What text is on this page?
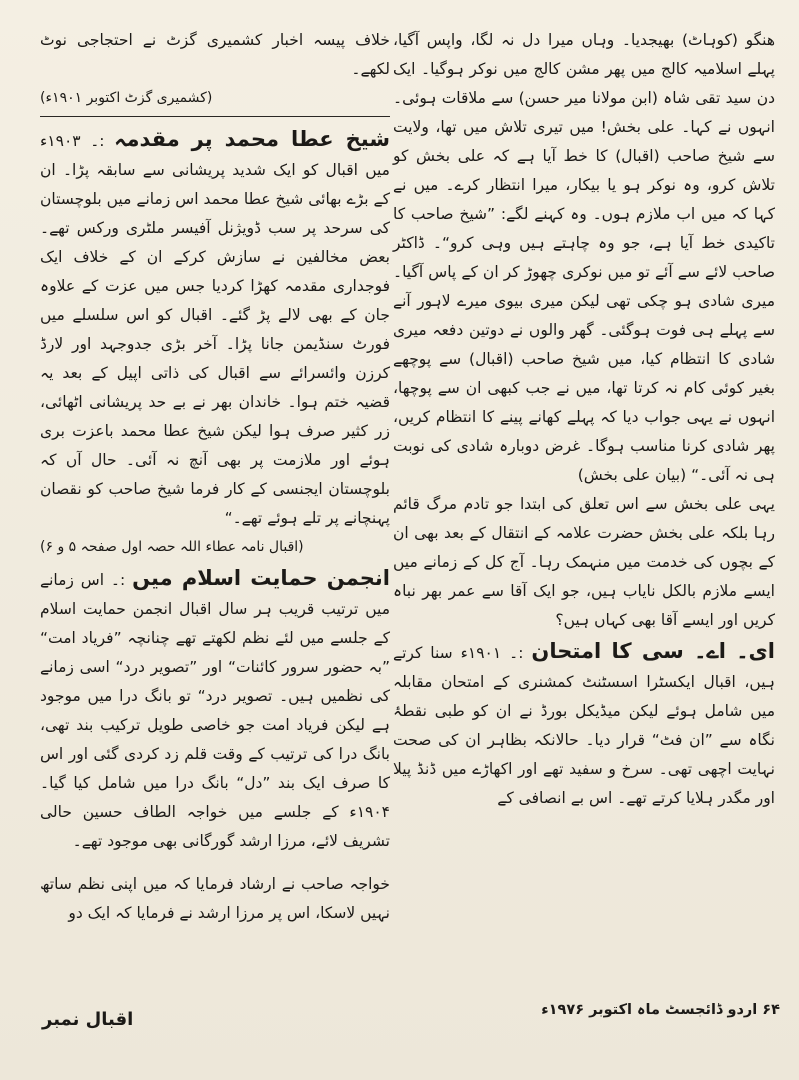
ھنگو (کوہاٹ) بھیجدیا۔ وہاں میرا دل نہ لگا، واپس آگیا، پہلے اسلامیہ کالج میں پھر مشن کالج میں نوکر ہوگیا۔ ایک دن سید تقی شاہ (ابن مولانا میر حسن) سے ملاقات ہوئی۔ انہوں نے کہا۔ علی بخش! میں تیری تلاش میں تھا، ولایت سے شیخ صاحب (اقبال) کا خط آیا ہے کہ علی بخش کو تلاش کرو، وہ نوکر ہو یا بیکار، میرا انتظار کرے۔ میں نے کہا کہ میں اب ملازم ہوں۔ وہ کہنے لگے: ”شیخ صاحب کا تاکیدی خط آیا ہے، جو وہ چاہتے ہیں وہی کرو“۔ ڈاکٹر صاحب لائے سے آئے تو میں نوکری چھوڑ کر ان کے پاس آگیا۔ میری شادی ہو چکی تھی لیکن میری بیوی میرے لاہور آنے سے پہلے ہی فوت ہوگئی۔ گھر والوں نے دوتین دفعہ میری شادی کا انتظام کیا، میں شیخ صاحب (اقبال) سے پوچھے بغیر کوئی کام نہ کرتا تھا، میں نے جب کبھی ان سے پوچھا، انہوں نے یہی جواب دیا کہ پہلے کھانے پینے کا انتظام کریں، پھر شادی کرنا مناسب ہوگا۔ غرض دوبارہ شادی کی نوبت ہی نہ آئی۔“ (بیان علی بخش)

یہی علی بخش سے اس تعلق کی ابتدا جو تادم مرگ قائم رہا بلکہ علی بخش حضرت علامہ کے انتقال کے بعد بھی ان کے بچوں کی خدمت میں منہمک رہا۔ آج کل کے زمانے میں ایسے ملازم بالکل نایاب ہیں، جو ایک آقا سے عمر بھر نباہ کریں اور ایسے آقا بھی کہاں ہیں؟

ای۔ اے۔ سی کا امتحان :۔ ۱۹۰۱ء سنا کرتے ہیں، اقبال ایکسٹرا اسسٹنٹ کمشنری کے امتحان مقابلہ میں شامل ہوئے لیکن میڈیکل بورڈ نے ان کو طبی نقطۂ نگاہ سے ”ان فٹ“ قرار دیا۔ حالانکہ بظاہر ان کی صحت نہایت اچھی تھی۔ سرخ و سفید تھے اور اکھاڑے میں ڈنڈ پیلا اور مگدر ہلایا کرتے تھے۔ اس بے انصافی کے

خلاف پیسہ اخبار کشمیری گزٹ نے احتجاجی نوٹ لکھے۔

(کشمیری گزٹ اکتوبر ۱۹۰۱ء)
شیخ عطا محمد پر مقدمہ :۔ ۱۹۰۳ء میں اقبال کو ایک شدید پریشانی سے سابقہ پڑا۔ ان کے بڑے بھائی شیخ عطا محمد اس زمانے میں بلوچستان کی سرحد پر سب ڈویژنل آفیسر ملٹری ورکس تھے۔ بعض مخالفین نے سازش کرکے ان کے خلاف ایک فوجداری مقدمہ کھڑا کردیا جس میں عزت کے علاوہ جان کے بھی لالے پڑ گئے۔ اقبال کو اس سلسلے میں فورٹ سنڈیمن جانا پڑا۔ آخر بڑی جدوجہد اور لارڈ کرزن وائسرائے سے اقبال کی ذاتی اپیل کے بعد یہ قضیہ ختم ہوا۔ خاندان بھر نے بے حد پریشانی اٹھائی، زر کثیر صرف ہوا لیکن شیخ عطا محمد باعزت بری ہوئے اور ملازمت پر بھی آنچ نہ آئی۔ حال آں کہ بلوچستان ایجنسی کے کار فرما شیخ صاحب کو نقصان پہنچانے پر تلے ہوئے تھے۔“
(اقبال نامہ عطاء اللہ حصہ اول صفحہ ۵ و ۶)
انجمن حمایت اسلام میں :۔ اس زمانے میں ترتیب قریب ہر سال اقبال انجمن حمایت اسلام کے جلسے میں لئے نظم لکھتے تھے چنانچہ ”فریاد امت“ ”بہ حضور سرور کائنات“ اور ”تصویر درد“ اسی زمانے کی نظمیں ہیں۔ تصویر درد“ تو بانگ درا میں موجود ہے لیکن فریاد امت جو خاصی طویل ترکیب بند تھی، بانگ درا کی ترتیب کے وقت قلم زد کردی گئی اور اس کا صرف ایک بند ”دل“ بانگ درا میں شامل کیا گیا۔ ۱۹۰۴ء کے جلسے میں خواجہ الطاف حسین حالی تشریف لائے، مرزا ارشد گورگانی بھی موجود تھے۔

خواجہ صاحب نے ارشاد فرمایا کہ میں اپنی نظم ساتھ نہیں لاسکا، اس پر مرزا ارشد نے فرمایا کہ ایک دو

۶۴ اردو ڈائجسٹ ماہ اکتوبر ۱۹۷۶ء
اقبال نمبر
